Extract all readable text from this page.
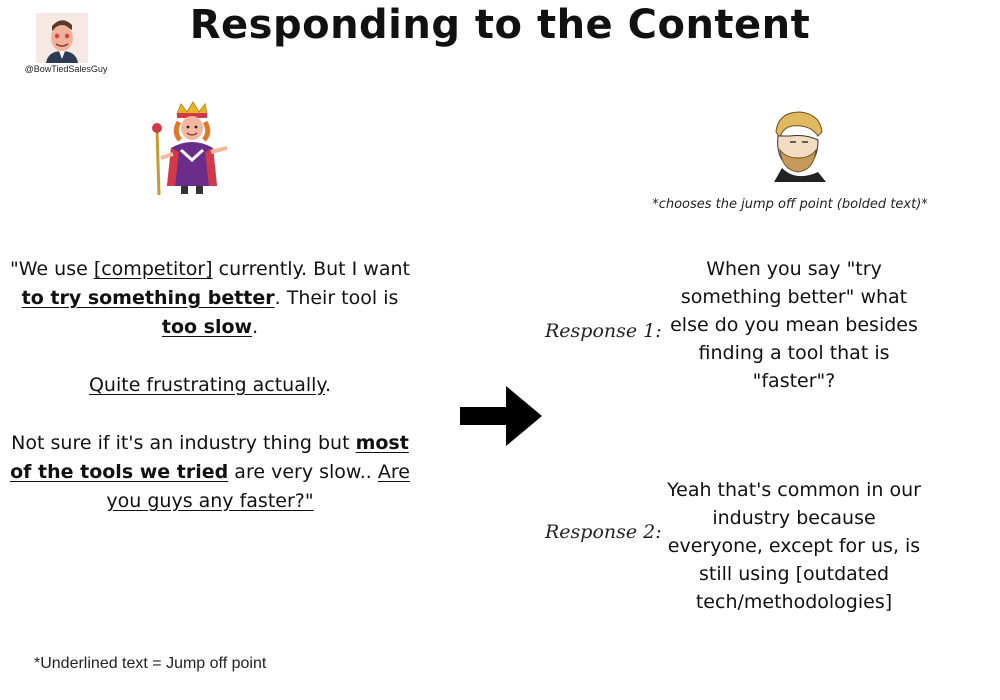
Responding to the Content
@BowTiedSalesGuy
*chooses the jump off point (bolded text)*

"We use [competitor] currently. But I want to try something better. Their tool is too slow.

Quite frustrating actually.

Not sure if it's an industry thing but most of the tools we tried are very slow.. Are you guys any faster?"

Response 1:
When you say "try something better" what else do you mean besides finding a tool that is "faster"?
Response 2:
Yeah that's common in our industry because everyone, except for us, is still using [outdated tech/methodologies]
*Underlined text = Jump off point
